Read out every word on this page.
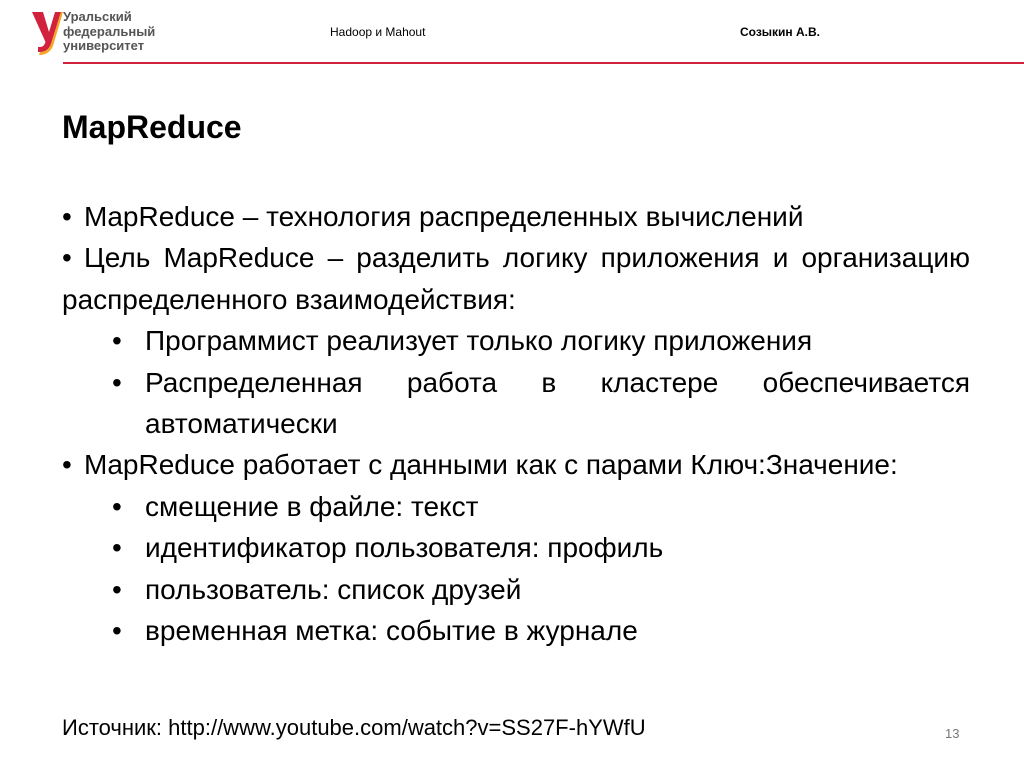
Уральский
федеральный
университет
Hadoop и Mahout	Созыкин А.В.
MapReduce
• MapReduce – технология распределенных вычислений
• Цель MapReduce – разделить логику приложения и организацию распределенного взаимодействия:
• Программист реализует только логику приложения
• Распределенная работа в кластере обеспечивается автоматически
• MapReduce работает с данными как с парами Ключ:Значение:
• смещение в файле: текст
• идентификатор пользователя: профиль
• пользователь: список друзей
• временная метка: событие в журнале
Источник: http://www.youtube.com/watch?v=SS27F-hYWfU	13
